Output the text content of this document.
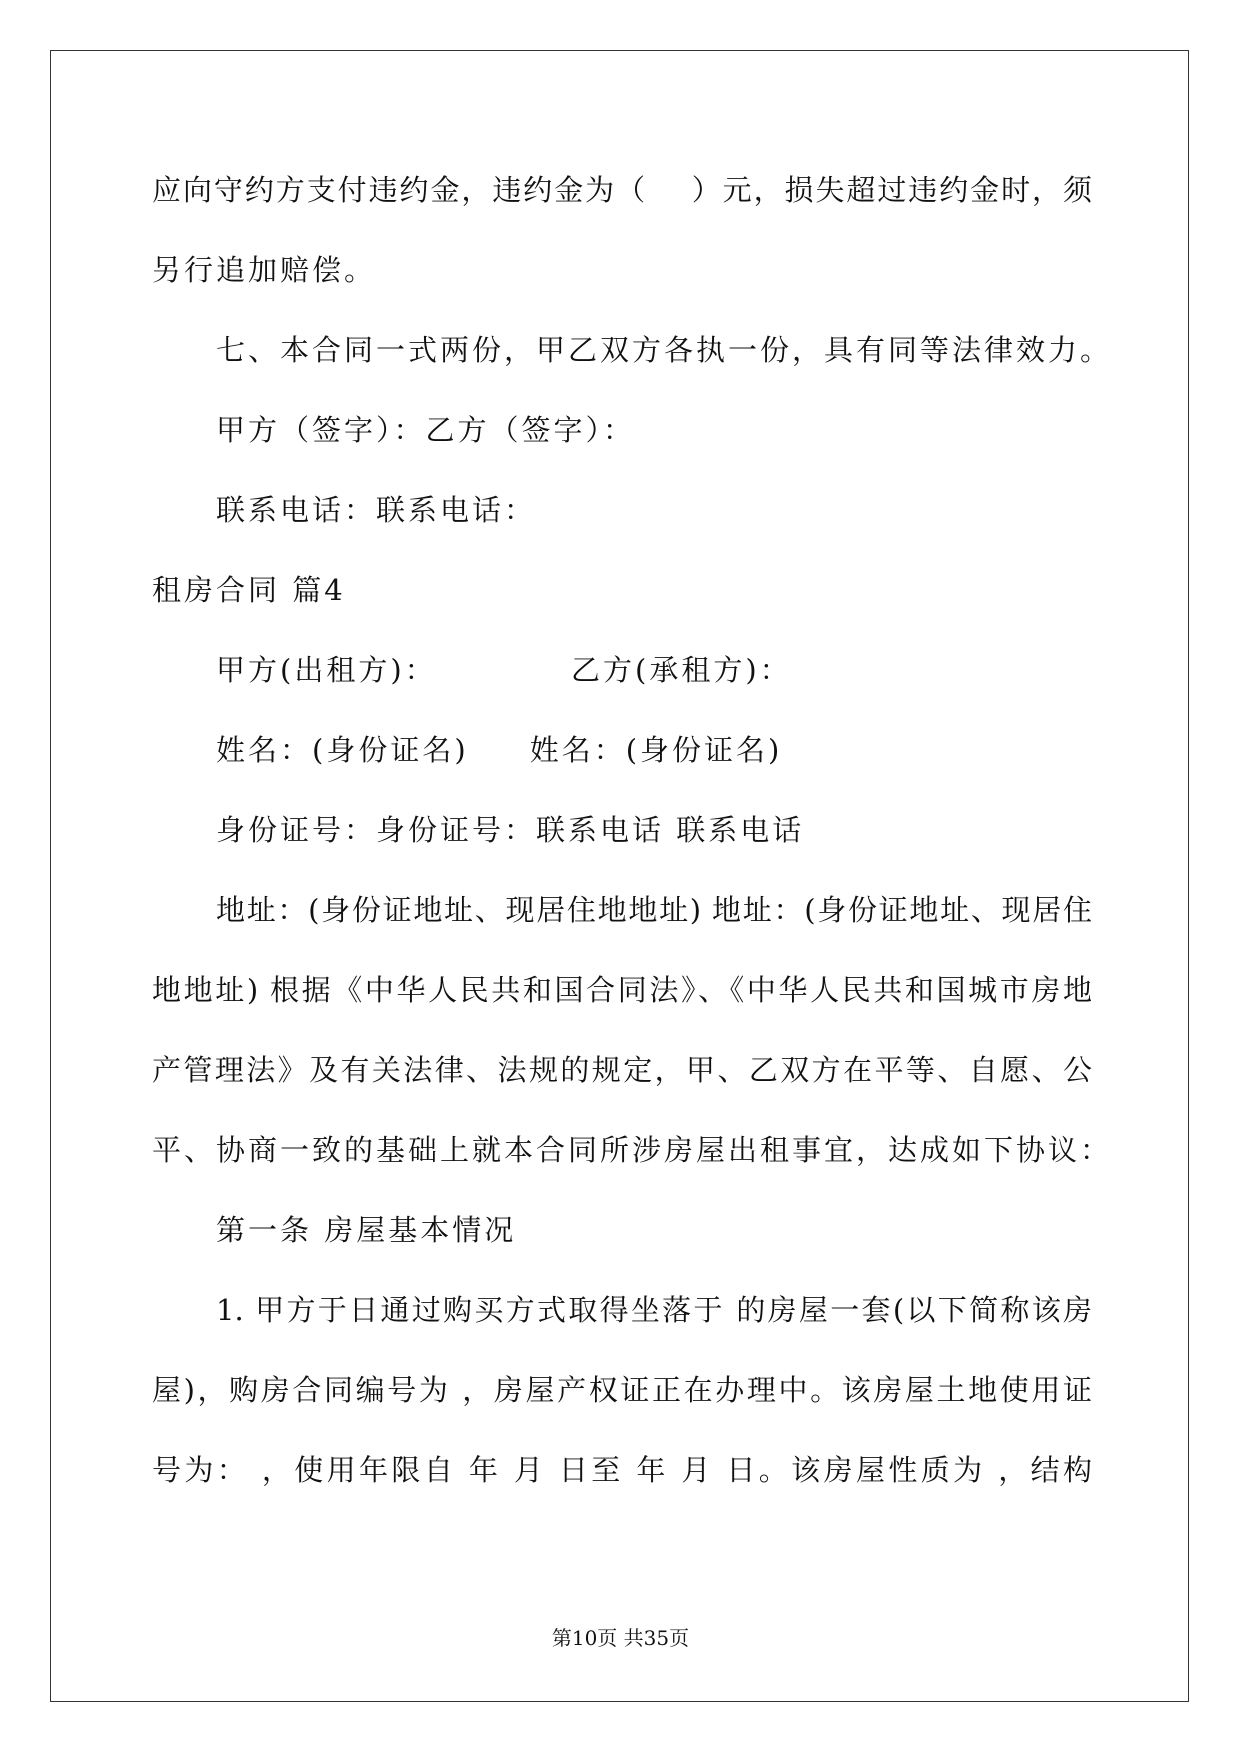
应向守约方支付违约金，违约金为（    ）元，损失超过违约金时，须
另行追加赔偿。
七、本合同一式两份，甲乙双方各执一份，具有同等法律效力。
甲方（签字）：乙方（签字）：
联系电话：联系电话：
租房合同 篇4
甲方(出租方)：           乙方(承租方)：
姓名：(身份证名)     姓名：(身份证名)
身份证号：身份证号：联系电话 联系电话
地址：(身份证地址、现居住地地址) 地址：(身份证地址、现居住
地地址) 根据《中华人民共和国合同法》、《中华人民共和国城市房地
产管理法》及有关法律、法规的规定，甲、乙双方在平等、自愿、公
平、协商一致的基础上就本合同所涉房屋出租事宜，达成如下协议：
第一条 房屋基本情况
1. 甲方于日通过购买方式取得坐落于 的房屋一套(以下简称该房
屋)，购房合同编号为 ，房屋产权证正在办理中。该房屋土地使用证
号为： ，使用年限自 年 月 日至 年 月 日。该房屋性质为 ，结构
第10页 共35页
